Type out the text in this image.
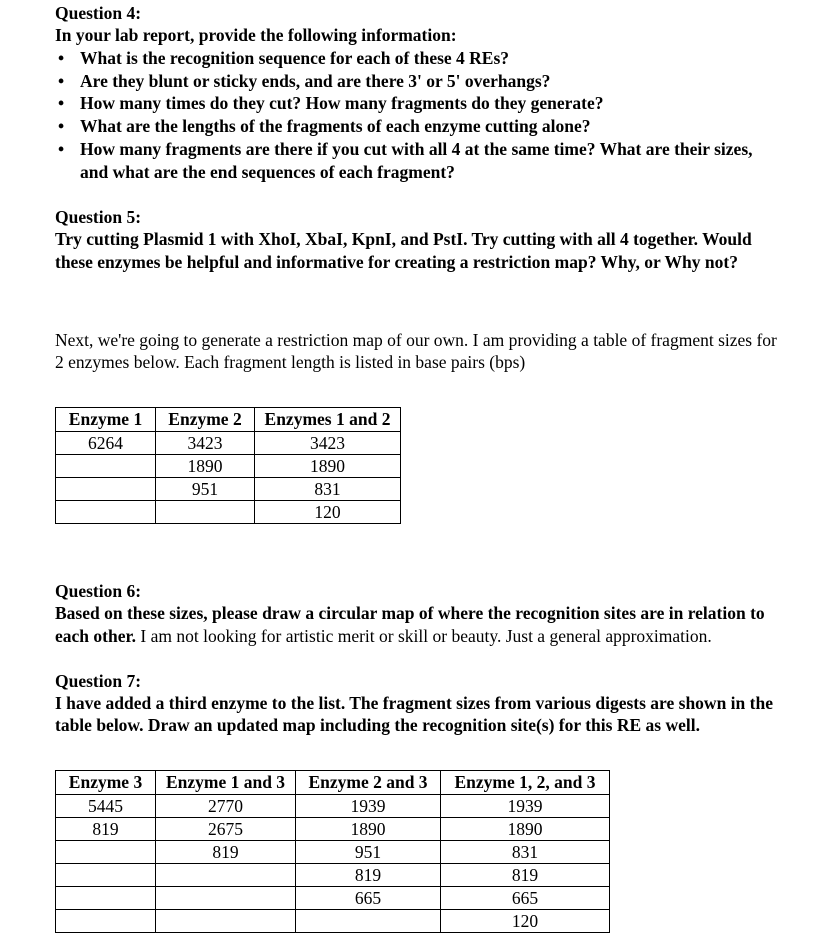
Question 4:

In your lab report, provide the following information:

• What is the recognition sequence for each of these 4 REs?
• Are they blunt or sticky ends, and are there 3' or 5' overhangs?
• How many times do they cut? How many fragments do they generate?
• What are the lengths of the fragments of each enzyme cutting alone?
• How many fragments are there if you cut with all 4 at the same time? What are their sizes, and what are the end sequences of each fragment?

Question 5:

Try cutting Plasmid 1 with XhoI, XbaI, KpnI, and PstI. Try cutting with all 4 together. Would these enzymes be helpful and informative for creating a restriction map? Why, or Why not?

Next, we're going to generate a restriction map of our own. I am providing a table of fragment sizes for 2 enzymes below. Each fragment length is listed in base pairs (bps)

Enzyme 1	Enzyme 2	Enzymes 1 and 2
6264	3423	3423
	1890	1890
	951	831
		120

Question 6:

Based on these sizes, please draw a circular map of where the recognition sites are in relation to each other. I am not looking for artistic merit or skill or beauty. Just a general approximation.

Question 7:

I have added a third enzyme to the list. The fragment sizes from various digests are shown in the table below. Draw an updated map including the recognition site(s) for this RE as well.

Enzyme 3	Enzyme 1 and 3	Enzyme 2 and 3	Enzyme 1, 2, and 3
5445	2770	1939	1939
819	2675	1890	1890
	819	951	831
		819	819
		665	665
			120
